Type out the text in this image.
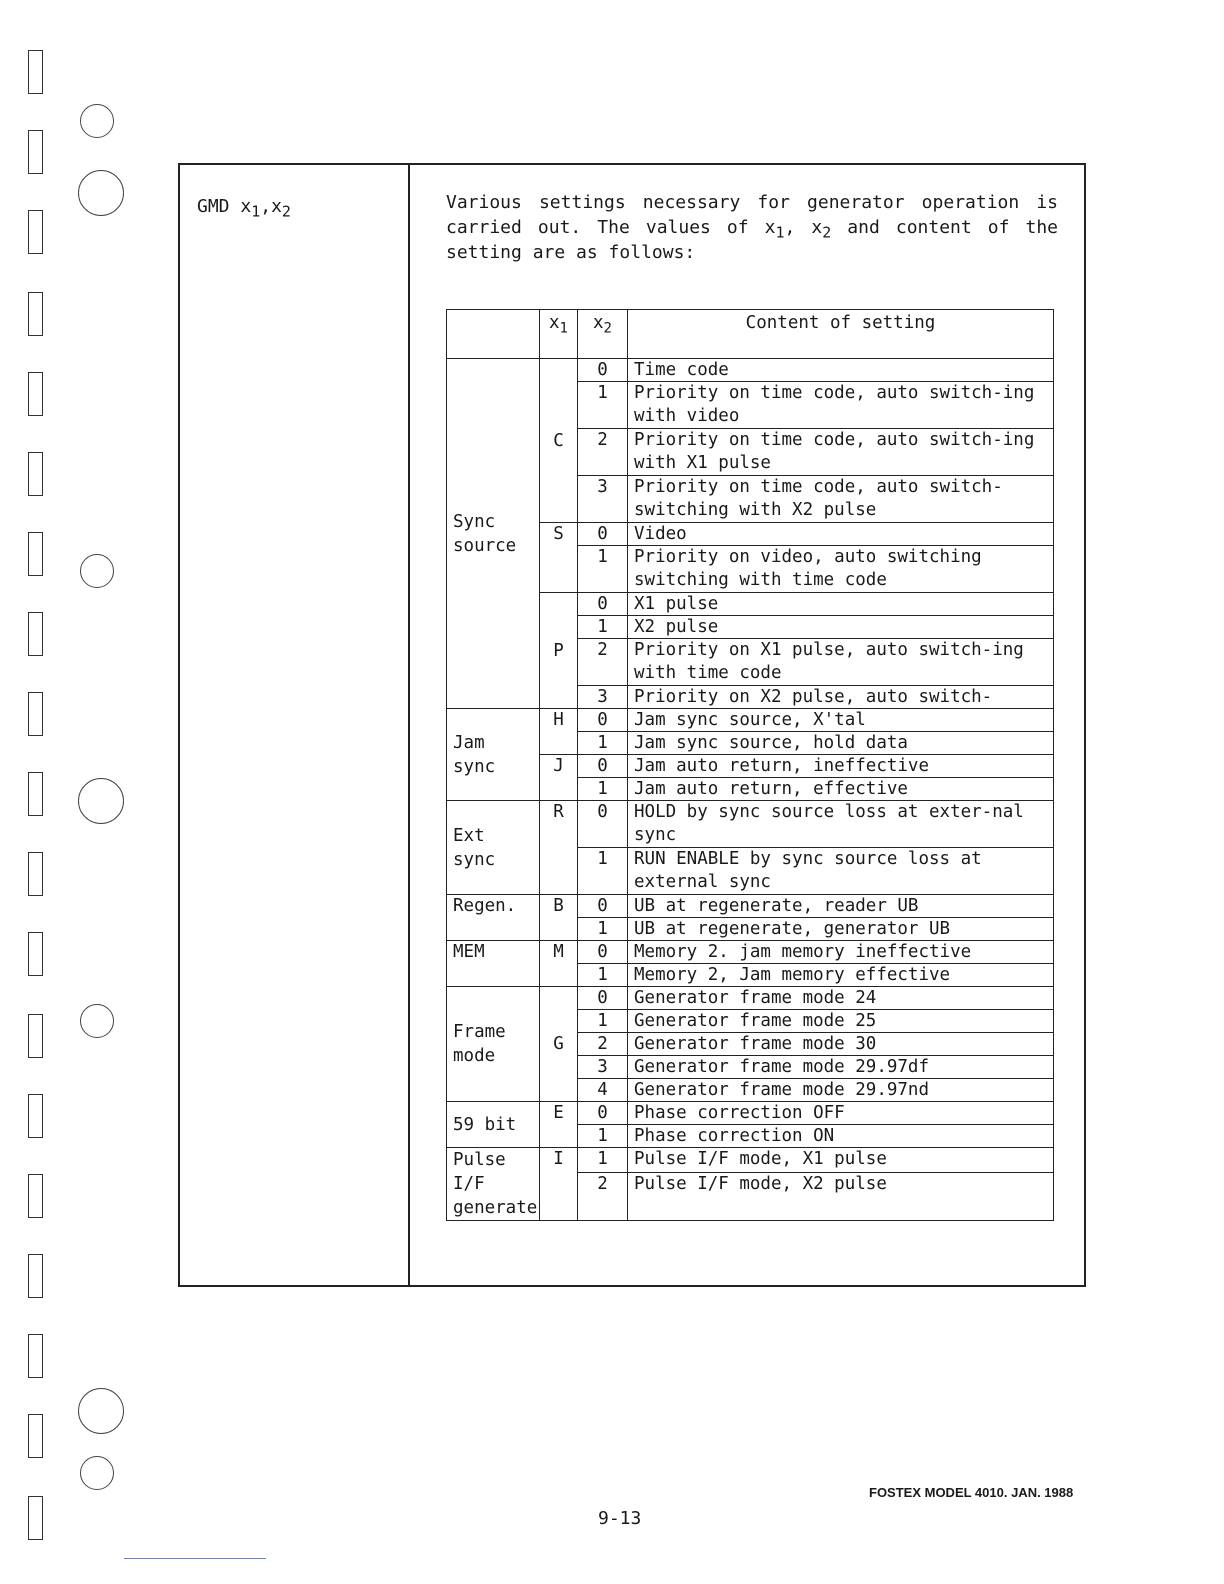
GMD $x_1,x_2$	Various settings necessary for generator operation is carried out. The values of $x_1$, $x_2$ and content of the setting are as follows:
	$x_1$	$x_2$	Content of setting
Sync source	C	0	Time code
		1	Priority on time code, auto switch-ing with video
		2	Priority on time code, auto switch-ing with X1 pulse
		3	Priority on time code, auto switch-switching with X2 pulse
	S	0	Video
		1	Priority on video, auto switching switching with time code
	P	0	X1 pulse
		1	X2 pulse
		2	Priority on X1 pulse, auto switch-ing with time code
		3	Priority on X2 pulse, auto switch-
Jam sync	H	0	Jam sync source, X'tal
		1	Jam sync source, hold data
	J	0	Jam auto return, ineffective
		1	Jam auto return, effective
Ext sync	R	0	HOLD by sync source loss at exter-nal sync
		1	RUN ENABLE by sync source loss at external sync
Regen.	B	0	UB at regenerate, reader UB
		1	UB at regenerate, generator UB
MEM	M	0	Memory 2. jam memory ineffective
		1	Memory 2, Jam memory effective
Frame mode	G	0	Generator frame mode 24
		1	Generator frame mode 25
		2	Generator frame mode 30
		3	Generator frame mode 29.97df
		4	Generator frame mode 29.97nd
59 bit	E	0	Phase correction OFF
		1	Phase correction ON
Pulse I/F generate	I	1	Pulse I/F mode, X1 pulse
		2	Pulse I/F mode, X2 pulse
FOSTEX MODEL 4010. JAN. 1988
9-13
